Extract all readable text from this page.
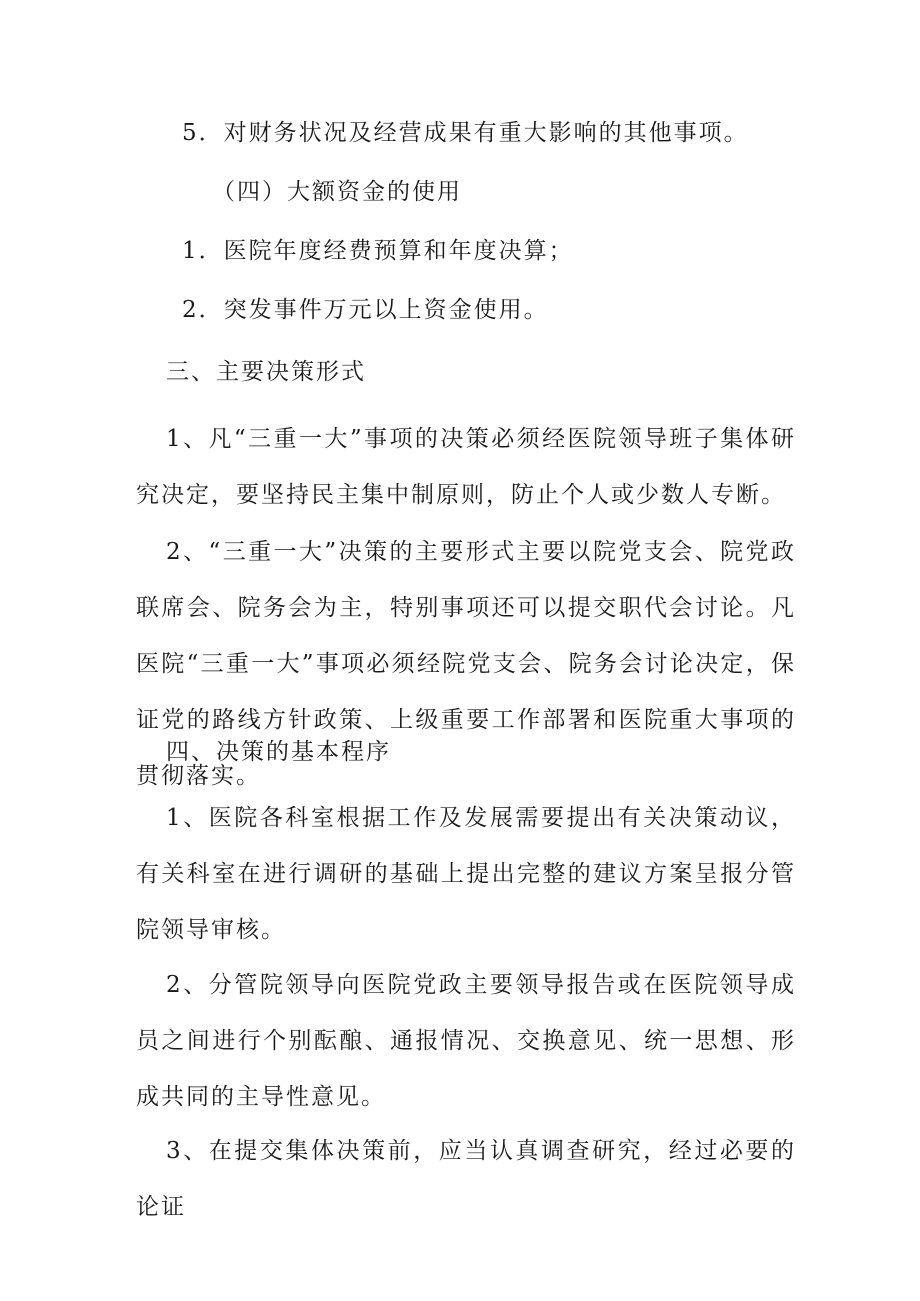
5．对财务状况及经营成果有重大影响的其他事项。
（四）大额资金的使用
1．医院年度经费预算和年度决算；
2．突发事件万元以上资金使用。
三、主要决策形式
1、凡“三重一大”事项的决策必须经医院领导班子集体研究决定，要坚持民主集中制原则，防止个人或少数人专断。
2、“三重一大”决策的主要形式主要以院党支会、院党政联席会、院务会为主，特别事项还可以提交职代会讨论。凡医院“三重一大”事项必须经院党支会、院务会讨论决定，保证党的路线方针政策、上级重要工作部署和医院重大事项的贯彻落实。
四、决策的基本程序
1、医院各科室根据工作及发展需要提出有关决策动议，有关科室在进行调研的基础上提出完整的建议方案呈报分管院领导审核。
2、分管院领导向医院党政主要领导报告或在医院领导成员之间进行个别酝酿、通报情况、交换意见、统一思想、形成共同的主导性意见。
3、在提交集体决策前，应当认真调查研究，经过必要的论证
